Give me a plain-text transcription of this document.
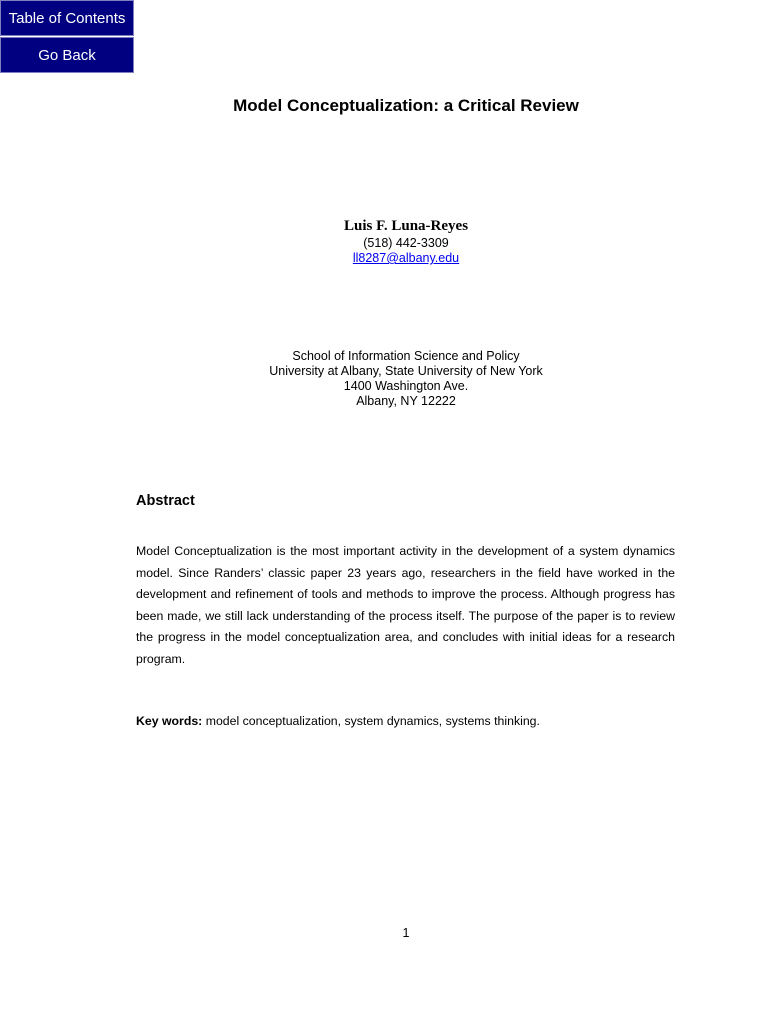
Table of Contents
Go Back
Model Conceptualization: a Critical Review
Luis F. Luna-Reyes
(518) 442-3309
ll8287@albany.edu
School of Information Science and Policy
University at Albany, State University of New York
1400 Washington Ave.
Albany, NY 12222
Abstract

Model Conceptualization is the most important activity in the development of a system dynamics model. Since Randers’ classic paper 23 years ago, researchers in the field have worked in the development and refinement of tools and methods to improve the process. Although progress has been made, we still lack understanding of the process itself. The purpose of the paper is to review the progress in the model conceptualization area, and concludes with initial ideas for a research program.

Key words: model conceptualization, system dynamics, systems thinking.

1
